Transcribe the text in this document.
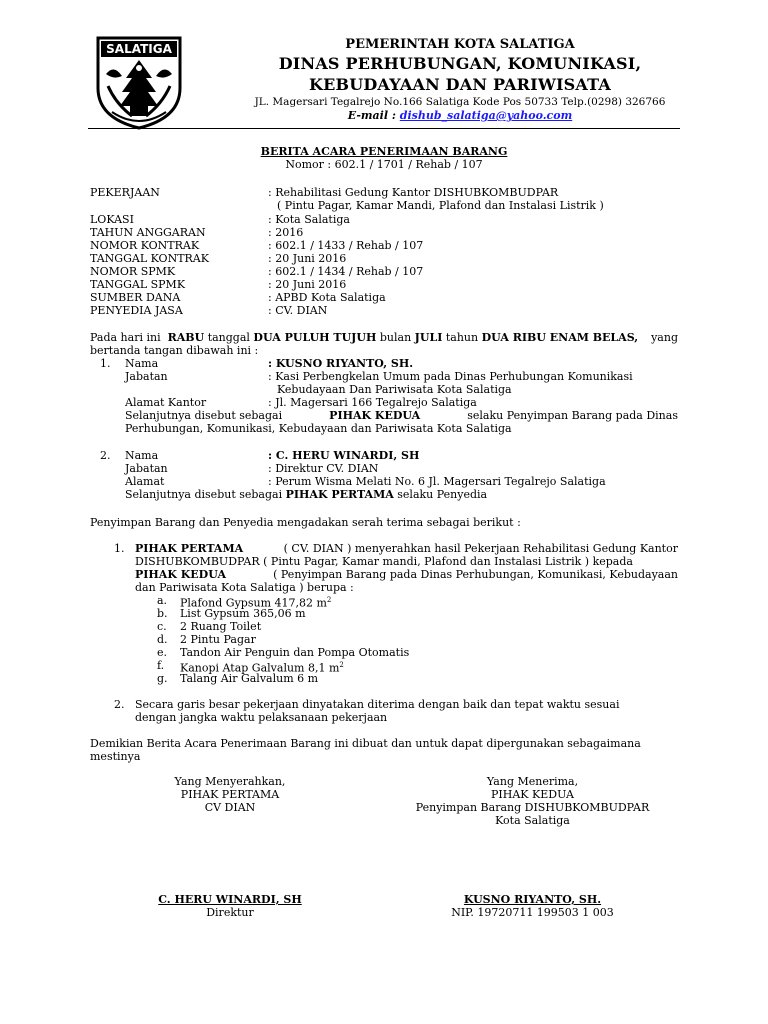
SALATIGA	PEMERINTAH KOTA SALATIGA
DINAS PERHUBUNGAN, KOMUNIKASI,
KEBUDAYAAN DAN PARIWISATA
JL. Magersari Tegalrejo No.166 Salatiga Kode Pos 50733 Telp.(0298) 326766
E-mail : dishub_salatiga@yahoo.com
BERITA ACARA PENERIMAAN BARANG
Nomor : 602.1 / 1701 / Rehab / 107
PEKERJAAN	: Rehabilitasi Gedung Kantor DISHUBKOMBUDPAR
( Pintu Pagar, Kamar Mandi, Plafond dan Instalasi Listrik )
LOKASI	: Kota Salatiga
TAHUN ANGGARAN	: 2016
NOMOR KONTRAK	: 602.1 / 1433 / Rehab / 107
TANGGAL KONTRAK	: 20 Juni 2016
NOMOR SPMK	: 602.1 / 1434 / Rehab / 107
TANGGAL SPMK	: 20 Juni 2016
SUMBER DANA	: APBD Kota Salatiga
PENYEDIA JASA	: CV. DIAN
Pada hari ini RABU tanggal DUA PULUH TUJUH bulan JULI tahun DUA RIBU ENAM BELAS, yang
bertanda tangan dibawah ini :
1. Nama	: KUSNO RIYANTO, SH.
Jabatan	: Kasi Perbengkelan Umum pada Dinas Perhubungan Komunikasi
Kebudayaan Dan Pariwisata Kota Salatiga
Alamat Kantor	: Jl. Magersari 166 Tegalrejo Salatiga
Selanjutnya disebut sebagai	PIHAK KEDUA	selaku Penyimpan Barang pada Dinas
Perhubungan, Komunikasi, Kebudayaan dan Pariwisata Kota Salatiga
2. Nama	: C. HERU WINARDI, SH
Jabatan	: Direktur CV. DIAN
Alamat	: Perum Wisma Melati No. 6 Jl. Magersari Tegalrejo Salatiga
Selanjutnya disebut sebagai PIHAK PERTAMA selaku Penyedia
Penyimpan Barang dan Penyedia mengadakan serah terima sebagai berikut :
1. PIHAK PERTAMA	( CV. DIAN ) menyerahkan hasil Pekerjaan Rehabilitasi Gedung Kantor
DISHUBKOMBUDPAR ( Pintu Pagar, Kamar mandi, Plafond dan Instalasi Listrik ) kepada
PIHAK KEDUA	( Penyimpan Barang pada Dinas Perhubungan, Komunikasi, Kebudayaan
dan Pariwisata Kota Salatiga ) berupa :
a. Plafond Gypsum 417,82 $m^2$
b. List Gypsum 365,06 m
c. 2 Ruang Toilet
d. 2 Pintu Pagar
e. Tandon Air Penguin dan Pompa Otomatis
f. Kanopi Atap Galvalum 8,1 $m^2$
g. Talang Air Galvalum 6 m
2. Secara garis besar pekerjaan dinyatakan diterima dengan baik dan tepat waktu sesuai
dengan jangka waktu pelaksanaan pekerjaan
Demikian Berita Acara Penerimaan Barang ini dibuat dan untuk dapat dipergunakan sebagaimana
mestinya
Yang Menyerahkan,
PIHAK PERTAMA
CV DIAN
C. HERU WINARDI, SH
Direktur
Yang Menerima,
PIHAK KEDUA
Penyimpan Barang DISHUBKOMBUDPAR
Kota Salatiga
KUSNO RIYANTO, SH.
NIP. 19720711 199503 1 003
